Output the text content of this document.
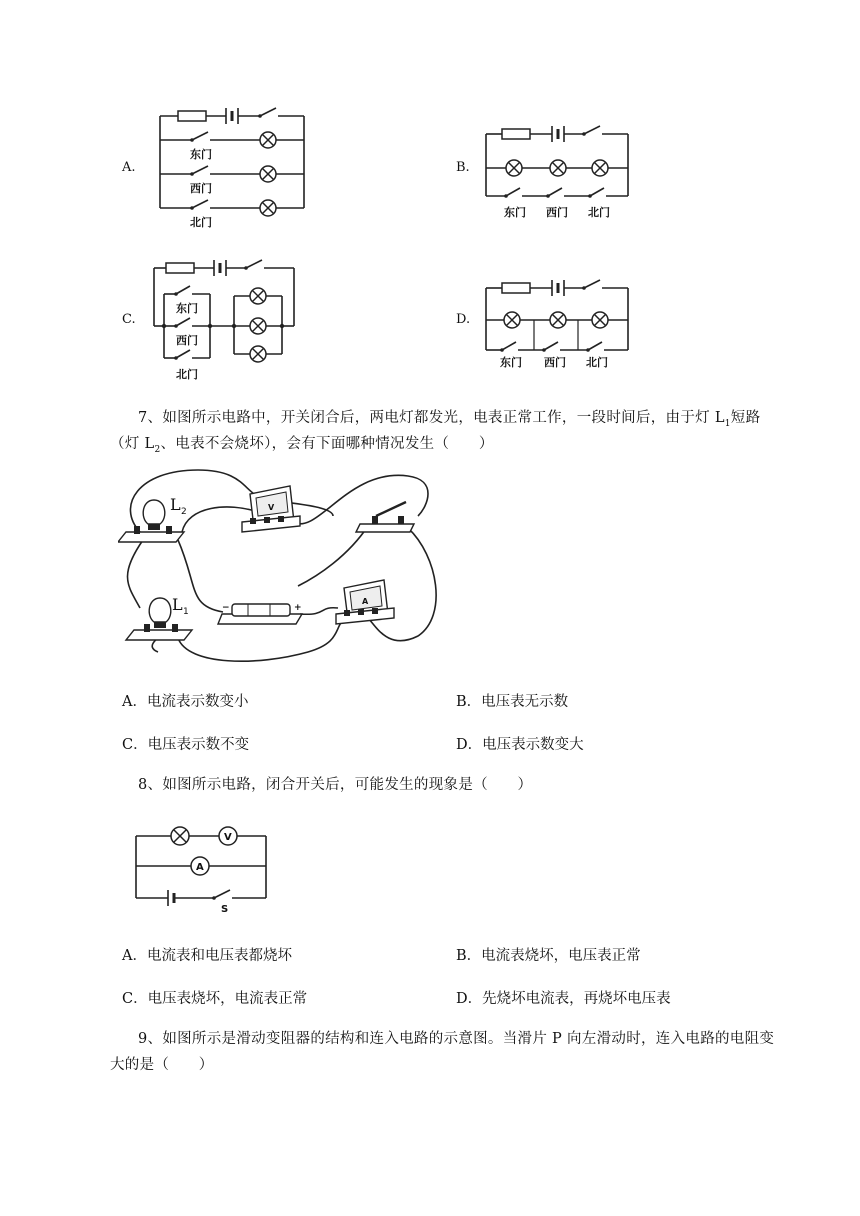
A.	B.
C.	D.
东门
西门
北门
东门 西门 北门
东门
西门
北门
东门 西门 北门
7、如图所示电路中，开关闭合后，两电灯都发光，电表正常工作，一段时间后，由于灯 $L_1$短路
（灯 $L_2$、电表不会烧坏），会有下面哪种情况发生（　　）
L 2
L 1
V
−	+
A
A．电流表示数变小	B．电压表无示数
C．电压表示数不变	D．电压表示数变大
8、如图所示电路，闭合开关后，可能发生的现象是（　　）
V
A
S
A．电流表和电压表都烧坏	B．电流表烧坏，电压表正常
C．电压表烧坏，电流表正常	D．先烧坏电流表，再烧坏电压表
9、如图所示是滑动变阻器的结构和连入电路的示意图。当滑片 P 向左滑动时，连入电路的电阻变
大的是（　　）
